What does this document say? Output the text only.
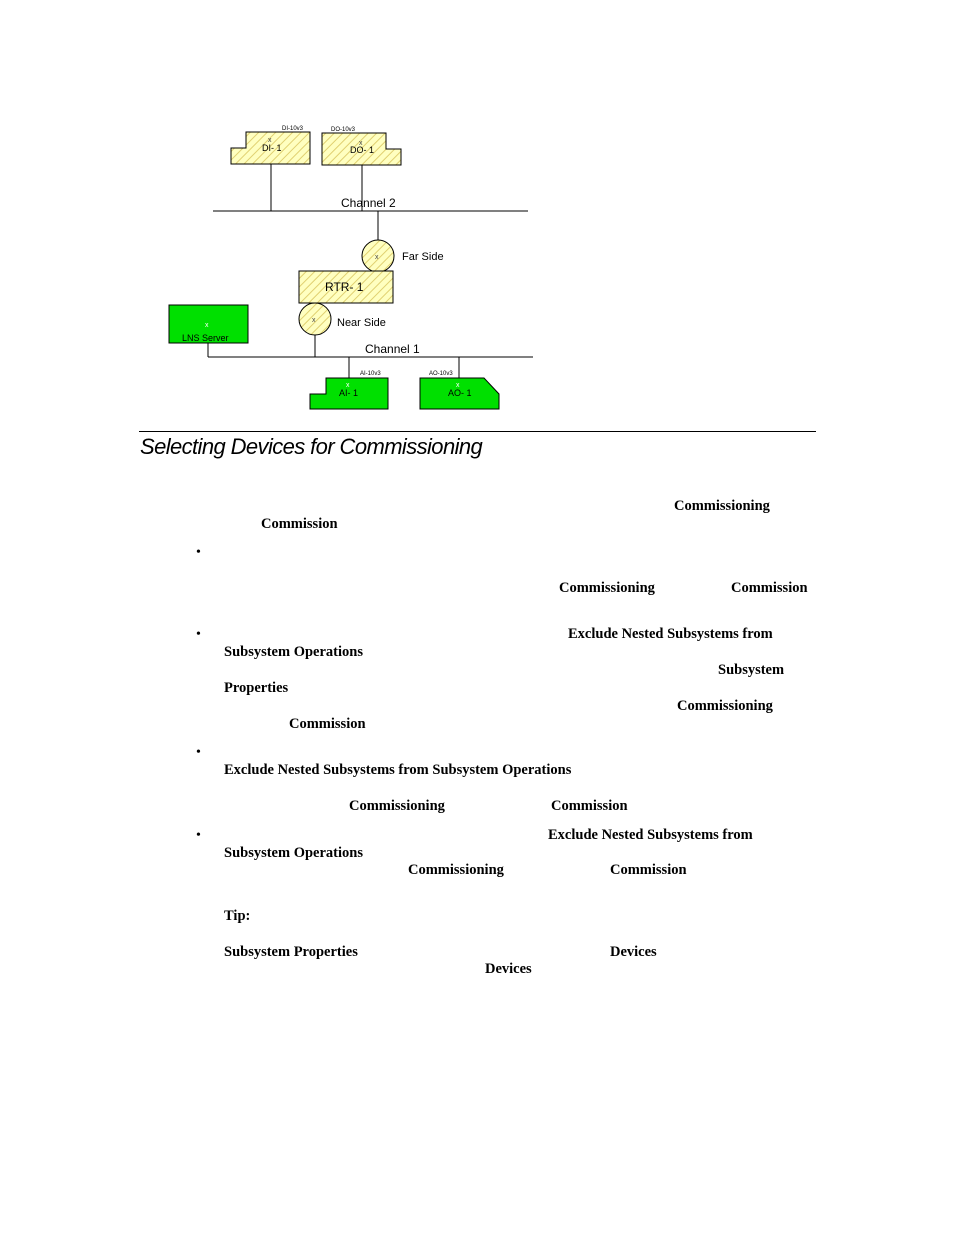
Channel 2
DI-10v3
x
DI- 1
DO-10v3
x
DO- 1
x Far Side
RTR- 1
x Near Side
Channel 1
x
LNS Server
AI-10v3
x
AI- 1
AO-10v3
x
AO- 1
Selecting Devices for Commissioning
Commissioning
Commission
•
Commissioning	Commission
•	Exclude Nested Subsystems from
Subsystem Operations
Subsystem
Properties
Commissioning
Commission
•
Exclude Nested Subsystems from Subsystem Operations
Commissioning	Commission
•	Exclude Nested Subsystems from
Subsystem Operations
Commissioning	Commission
Tip:
Subsystem Properties	Devices
Devices
